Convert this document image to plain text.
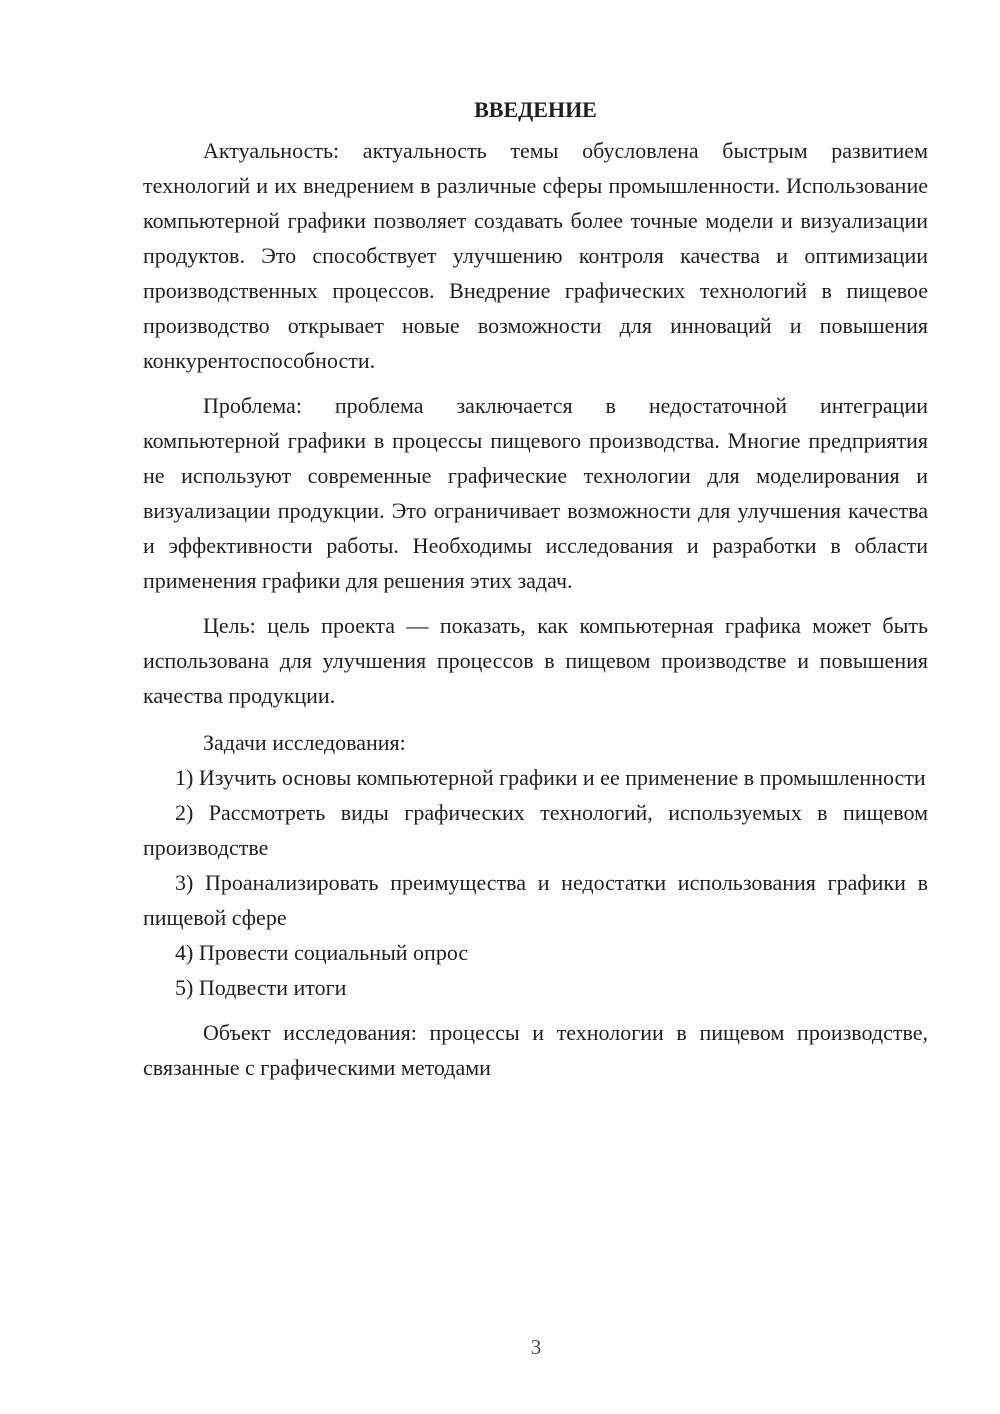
ВВЕДЕНИЕ

Актуальность: актуальность темы обусловлена быстрым развитием технологий и их внедрением в различные сферы промышленности. Использование компьютерной графики позволяет создавать более точные модели и визуализации продуктов. Это способствует улучшению контроля качества и оптимизации производственных процессов. Внедрение графических технологий в пищевое производство открывает новые возможности для инноваций и повышения конкурентоспособности.

Проблема: проблема заключается в недостаточной интеграции компьютерной графики в процессы пищевого производства. Многие предприятия не используют современные графические технологии для моделирования и визуализации продукции. Это ограничивает возможности для улучшения качества и эффективности работы. Необходимы исследования и разработки в области применения графики для решения этих задач.

Цель: цель проекта — показать, как компьютерная графика может быть использована для улучшения процессов в пищевом производстве и повышения качества продукции.

Задачи исследования:

1) Изучить основы компьютерной графики и ее применение в промышленности

2) Рассмотреть виды графических технологий, используемых в пищевом производстве

3) Проанализировать преимущества и недостатки использования графики в пищевой сфере

4) Провести социальный опрос

5) Подвести итоги

Объект исследования: процессы и технологии в пищевом производстве, связанные с графическими методами

3
